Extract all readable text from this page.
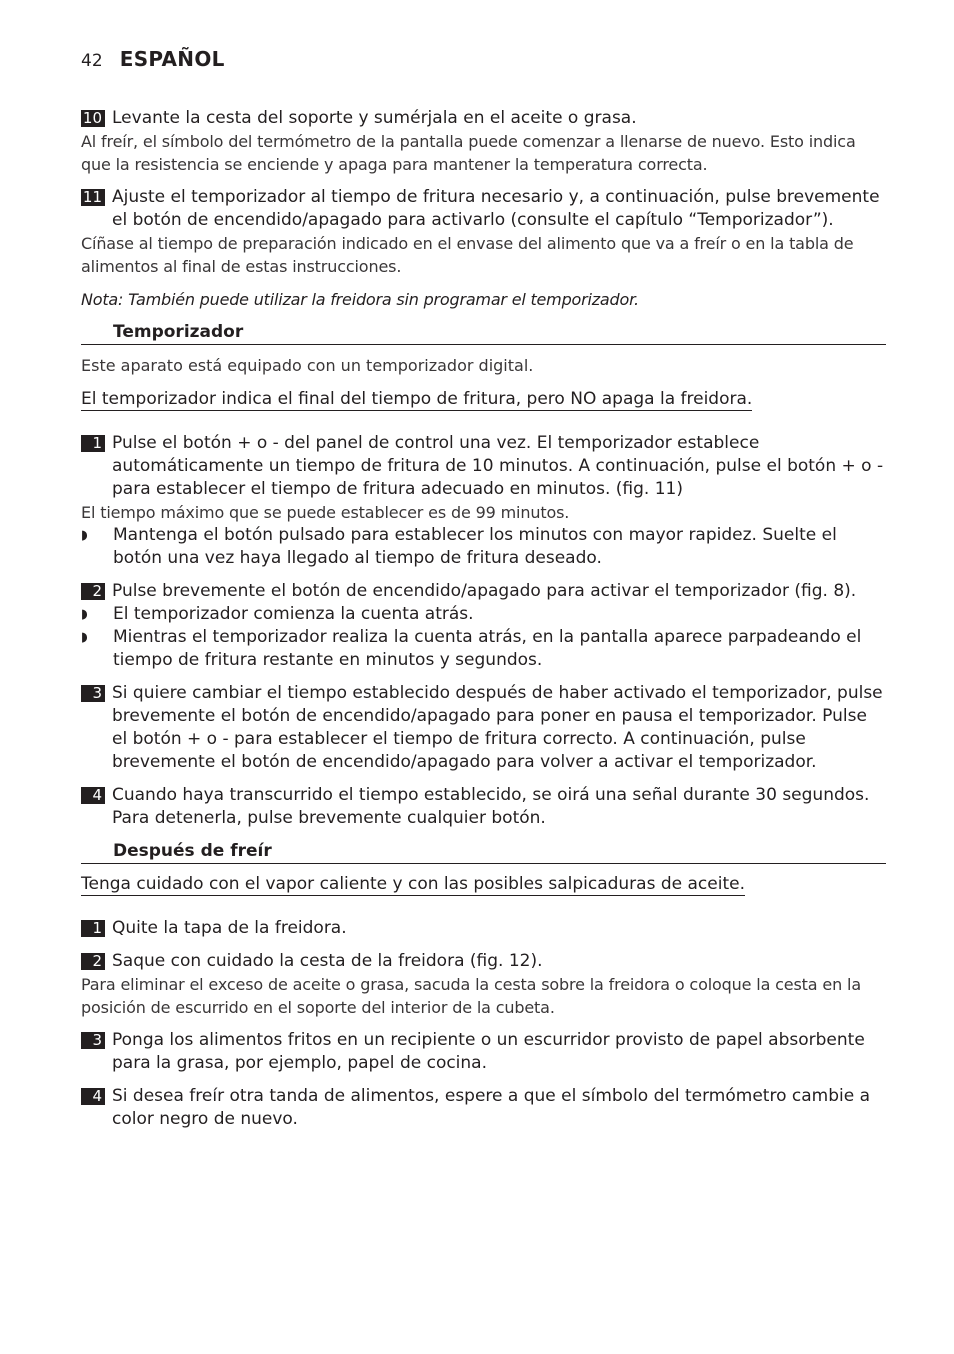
42 ESPAÑOL
10 Levante la cesta del soporte y sumérjala en el aceite o grasa.
Al freír, el símbolo del termómetro de la pantalla puede comenzar a llenarse de nuevo. Esto indica que la resistencia se enciende y apaga para mantener la temperatura correcta.
11 Ajuste el temporizador al tiempo de fritura necesario y, a continuación, pulse brevemente el botón de encendido/apagado para activarlo (consulte el capítulo “Temporizador”).
Cíñase al tiempo de preparación indicado en el envase del alimento que va a freír o en la tabla de alimentos al final de estas instrucciones.
Nota: También puede utilizar la freidora sin programar el temporizador.
Temporizador
Este aparato está equipado con un temporizador digital.
El temporizador indica el final del tiempo de fritura, pero NO apaga la freidora.
1 Pulse el botón + o - del panel de control una vez. El temporizador establece automáticamente un tiempo de fritura de 10 minutos. A continuación, pulse el botón + o - para establecer el tiempo de fritura adecuado en minutos. (fig. 11)
El tiempo máximo que se puede establecer es de 99 minutos.
◗	Mantenga el botón pulsado para establecer los minutos con mayor rapidez. Suelte el botón una vez haya llegado al tiempo de fritura deseado.
2 Pulse brevemente el botón de encendido/apagado para activar el temporizador (fig. 8).
◗	El temporizador comienza la cuenta atrás.
◗	Mientras el temporizador realiza la cuenta atrás, en la pantalla aparece parpadeando el tiempo de fritura restante en minutos y segundos.
3 Si quiere cambiar el tiempo establecido después de haber activado el temporizador, pulse brevemente el botón de encendido/apagado para poner en pausa el temporizador. Pulse el botón + o - para establecer el tiempo de fritura correcto. A continuación, pulse brevemente el botón de encendido/apagado para volver a activar el temporizador.
4 Cuando haya transcurrido el tiempo establecido, se oirá una señal durante 30 segundos. Para detenerla, pulse brevemente cualquier botón.
Después de freír
Tenga cuidado con el vapor caliente y con las posibles salpicaduras de aceite.
1 Quite la tapa de la freidora.
2 Saque con cuidado la cesta de la freidora (fig. 12).
Para eliminar el exceso de aceite o grasa, sacuda la cesta sobre la freidora o coloque la cesta en la posición de escurrido en el soporte del interior de la cubeta.
3 Ponga los alimentos fritos en un recipiente o un escurridor provisto de papel absorbente para la grasa, por ejemplo, papel de cocina.
4 Si desea freír otra tanda de alimentos, espere a que el símbolo del termómetro cambie a color negro de nuevo.
